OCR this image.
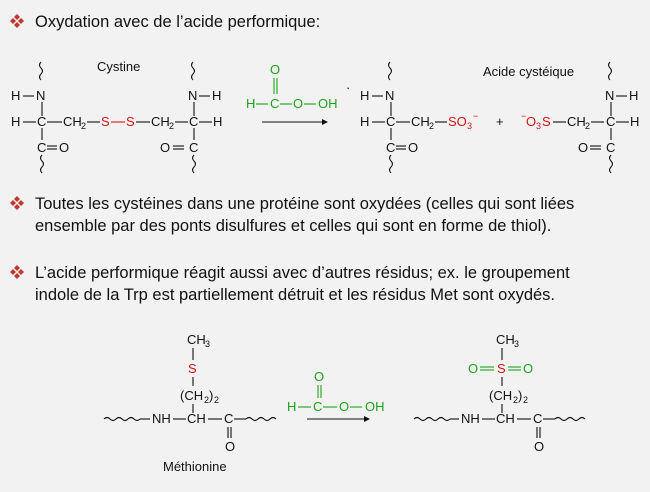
Oxydation avec de l’acide performique:
Cystine	Acide cystéique
H N
H C CH 2 S S CH 2 C H
C O
N H
O C
O
H C O OH
·
H N
H C CH 2 SO 3
−
C O
+
N H
− O 3 S CH 2 C H
O C
Toutes les cystéines dans une protéine sont oxydées (celles qui sont liées
ensemble par des ponts disulfures et celles qui sont en forme de thiol).
L’acide performique réagit aussi avec d’autres résidus; ex. le groupement
indole de la Trp est partiellement détruit et les résidus Met sont oxydés.
CH 3
S
(CH 2 ) 2
NH CH C
O
Méthionine
O
H C O OH
CH 3
O S O
(CH 2 ) 2
NH CH C
O
